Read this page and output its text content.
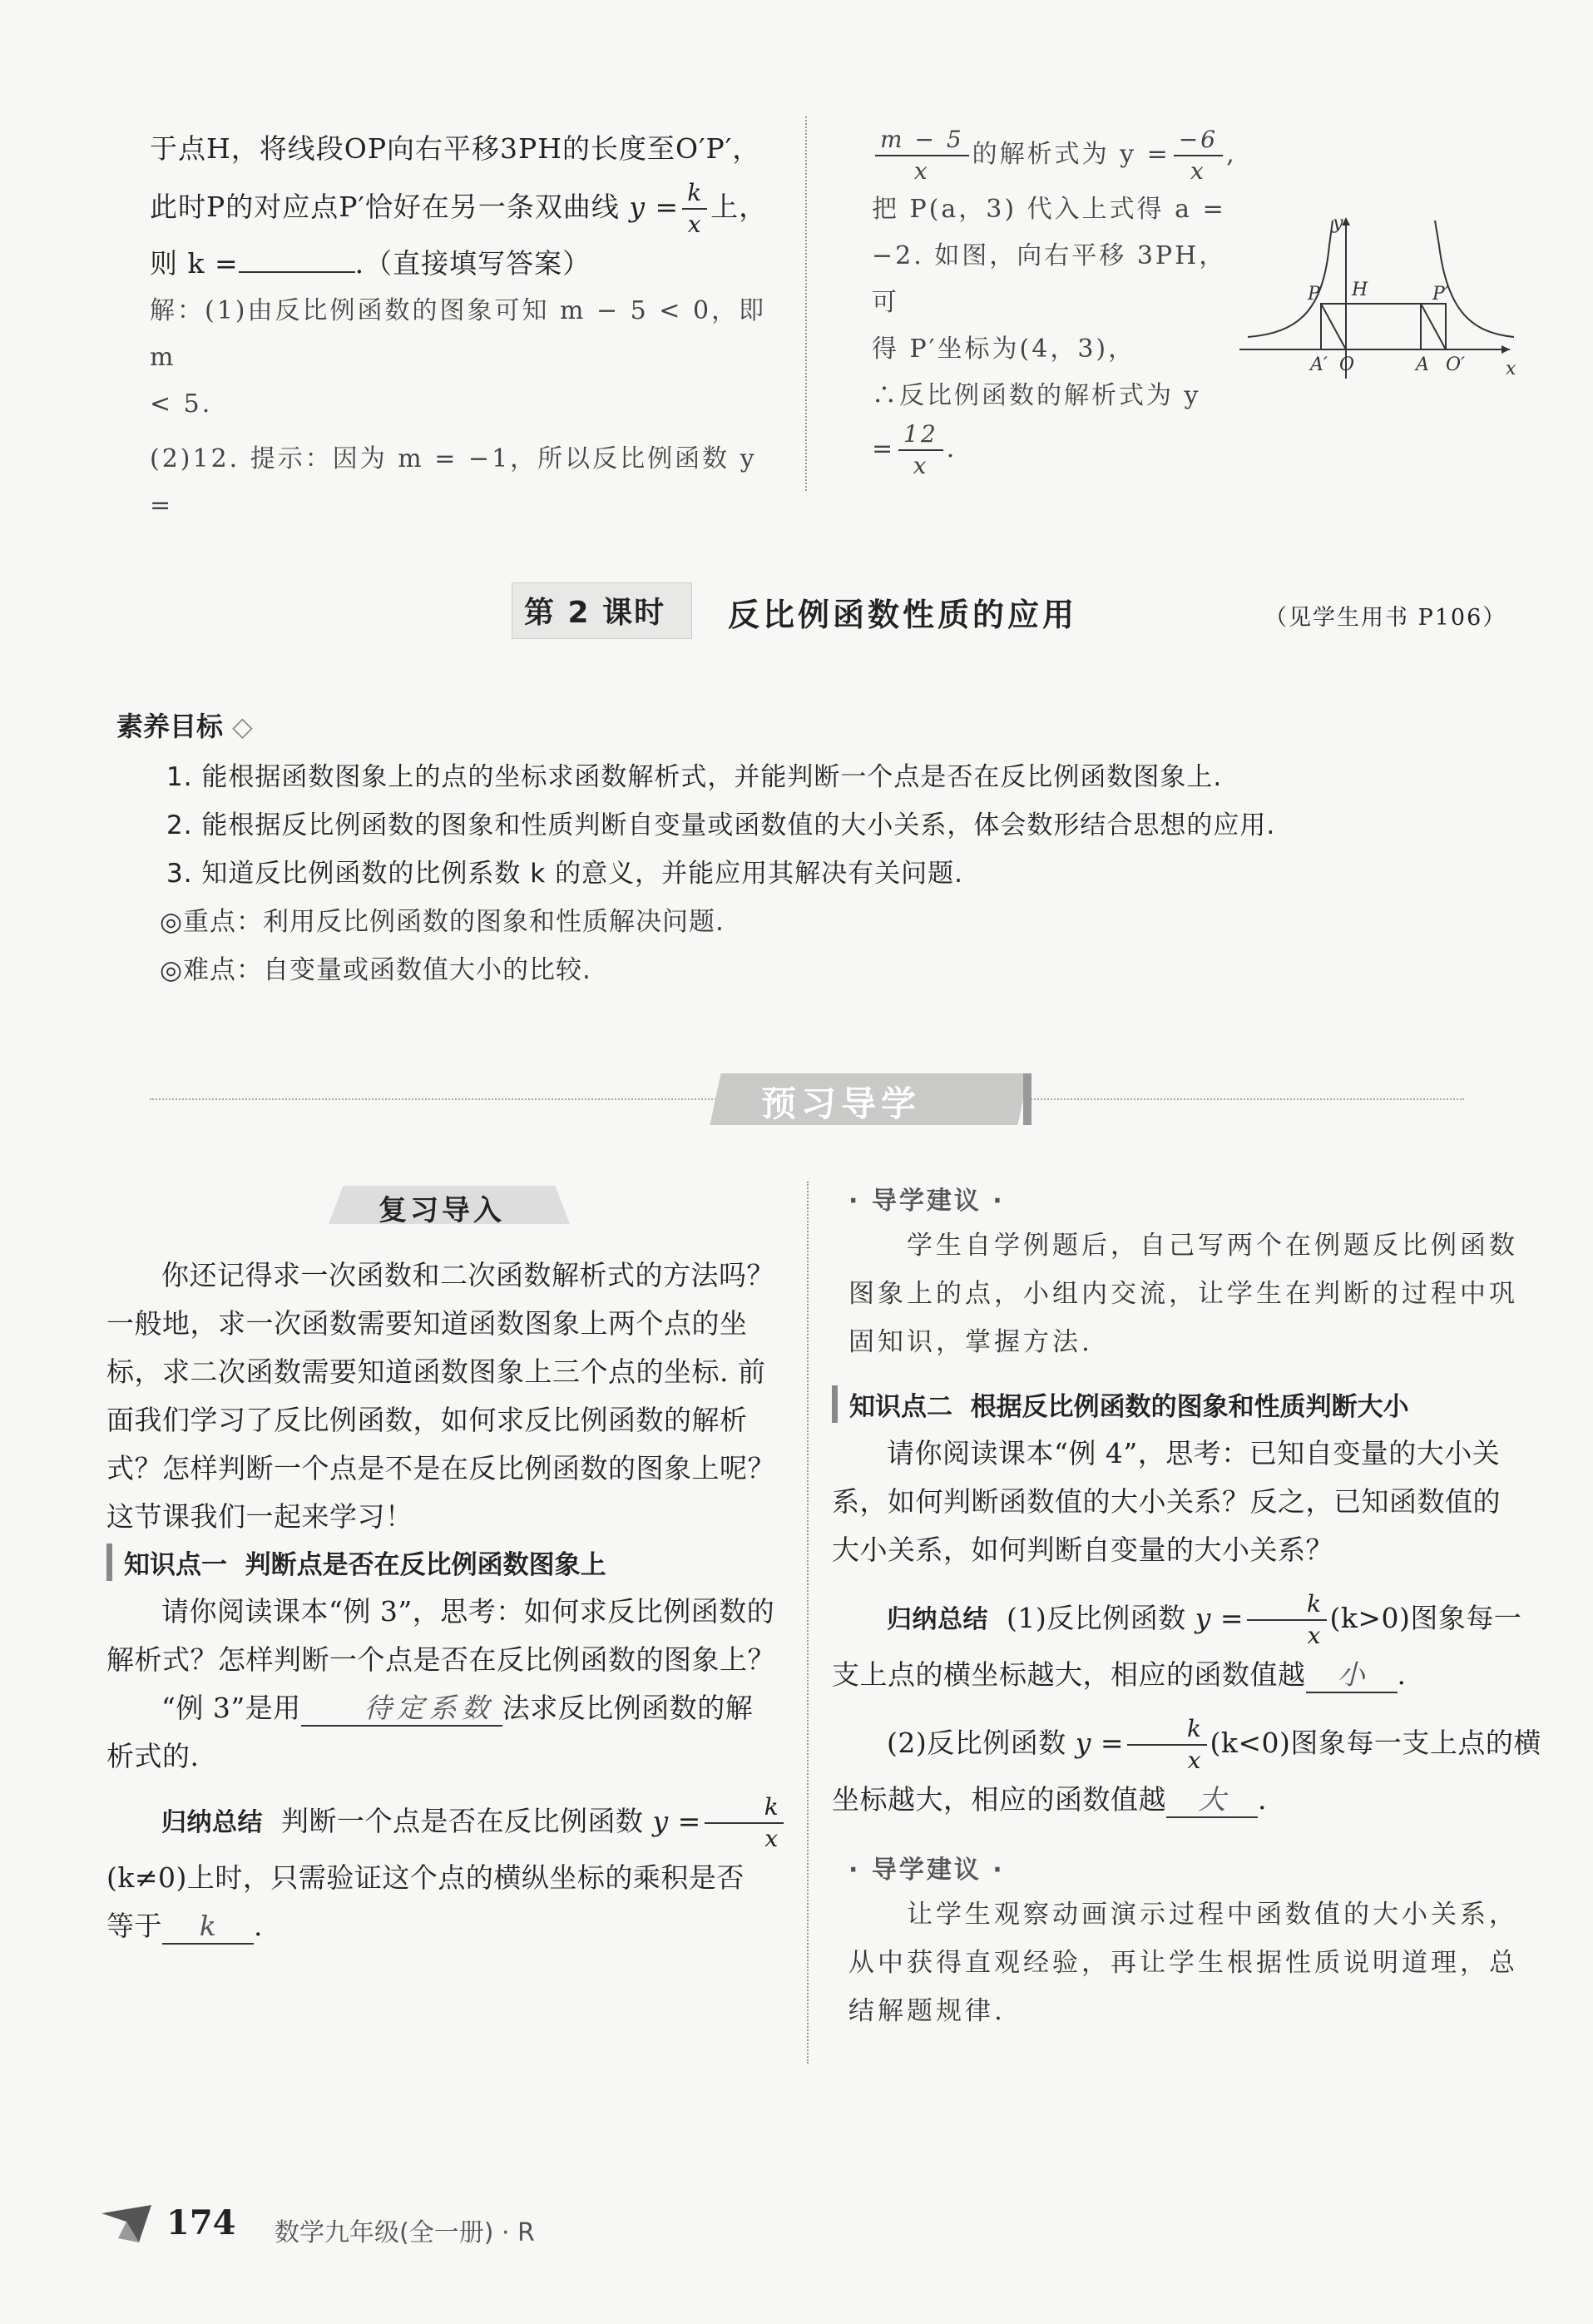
于点H，将线段OP向右平移3PH的长度至O′P′，
此时P的对应点P′恰好在另一条双曲线 $y = \frac{k}{x}$ 上，
则 k =	.（直接填写答案）
解：(1)由反比例函数的图象可知 m − 5 < 0，即 m
< 5.
(2)12. 提示：因为 m = −1，所以反比例函数 y =
$\frac{m - 5}{x}$ 的解析式为 $y = \frac{-6}{x}$ ,
把 P(a，3) 代入上式得 a =
−2. 如图，向右平移 3PH，可
得 P′坐标为(4，3)，
∴反比例函数的解析式为 y
= $\frac{12}{x}$ .
y
x
P H	P′
A′ O	A O′
第 2 课时 反比例函数性质的应用	（见学生用书 P106）
素养目标 ◇
1. 能根据函数图象上的点的坐标求函数解析式，并能判断一个点是否在反比例函数图象上.
2. 能根据反比例函数的图象和性质判断自变量或函数值的大小关系，体会数形结合思想的应用.
3. 知道反比例函数的比例系数 k 的意义，并能应用其解决有关问题.
◎重点：利用反比例函数的图象和性质解决问题.
◎难点：自变量或函数值大小的比较.
预习导学
复习导入
你还记得求一次函数和二次函数解析式的方法吗？
一般地，求一次函数需要知道函数图象上两个点的坐
标，求二次函数需要知道函数图象上三个点的坐标. 前
面我们学习了反比例函数，如何求反比例函数的解析
式？怎样判断一个点是不是在反比例函数的图象上呢？
这节课我们一起来学习！
知识点一 判断点是否在反比例函数图象上
请你阅读课本“例 3”，思考：如何求反比例函数的
解析式？怎样判断一个点是否在反比例函数的图象上？
“例 3”是用 待定系数 法求反比例函数的解
析式的.
归纳总结 判断一个点是否在反比例函数 $y = \frac{k}{x}$
(k≠0)上时，只需验证这个点的横纵坐标的乘积是否
等于 k .
· 导学建议 ·
学生自学例题后，自己写两个在例题反比例函数
图象上的点，小组内交流，让学生在判断的过程中巩
固知识，掌握方法.
知识点二 根据反比例函数的图象和性质判断大小
请你阅读课本“例 4”，思考：已知自变量的大小关
系，如何判断函数值的大小关系？反之，已知函数值的
大小关系，如何判断自变量的大小关系？
归纳总结 (1)反比例函数 $y = \frac{k}{x} (k>0)$图象每一
支上点的横坐标越大，相应的函数值越 小 .
(2)反比例函数 $y = \frac{k}{x} (k<0)$图象每一支上点的横
坐标越大，相应的函数值越 大 .
· 导学建议 ·
让学生观察动画演示过程中函数值的大小关系，
从中获得直观经验，再让学生根据性质说明道理，总
结解题规律.
174 数学九年级(全一册) · R
